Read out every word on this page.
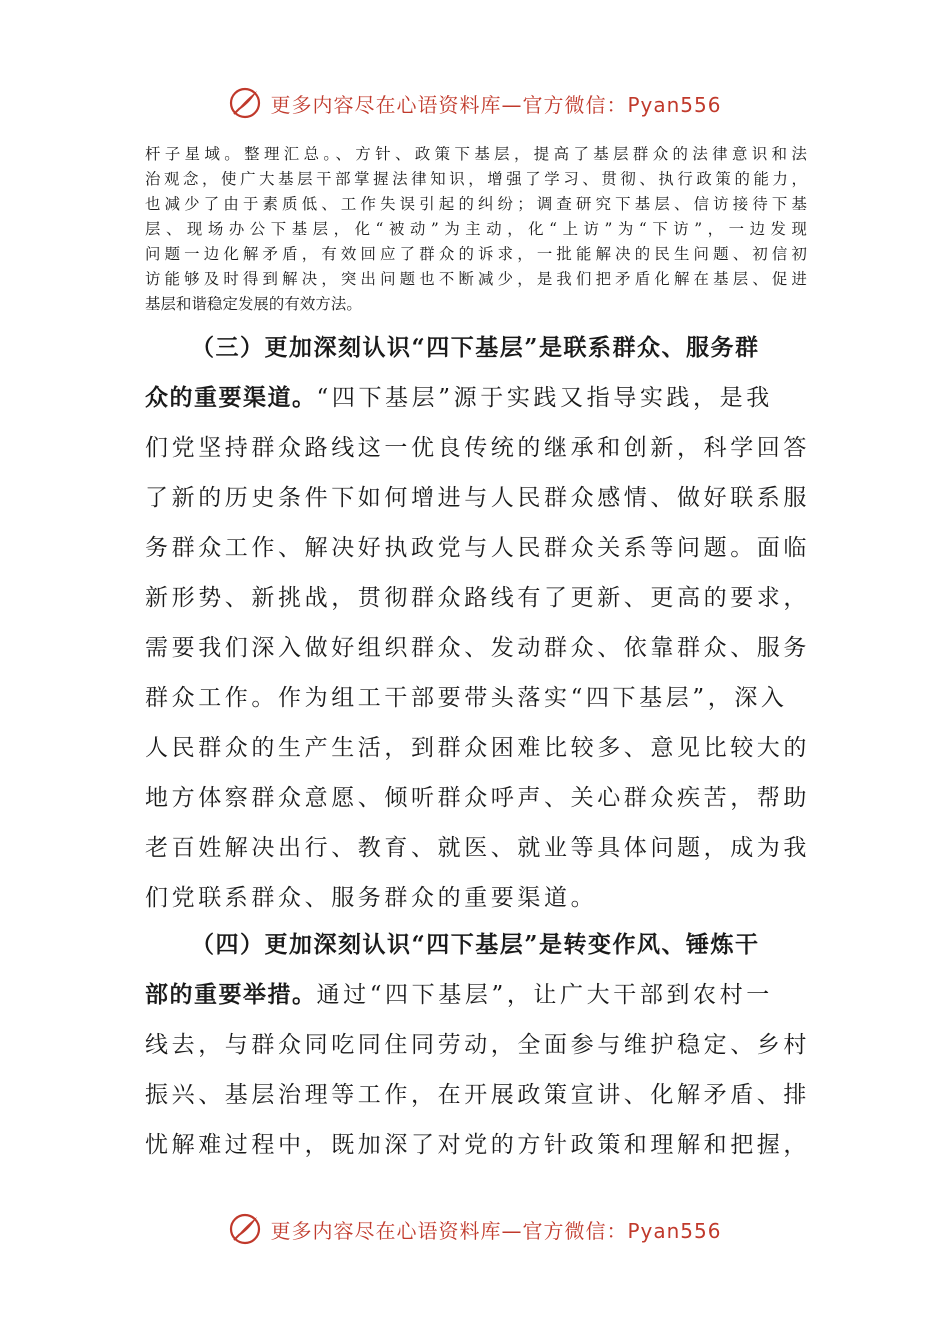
更多内容尽在心语资料库—官方微信：Pyan556

杆子星域。整理汇总。、方针、政策下基层，提高了基层群众的法律意识和法

治观念，使广大基层干部掌握法律知识，增强了学习、贯彻、执行政策的能力，

也减少了由于素质低、工作失误引起的纠纷；调查研究下基层、信访接待下基

层、现场办公下基层，化“被动”为主动，化“上访”为“下访”，一边发现

问题一边化解矛盾，有效回应了群众的诉求，一批能解决的民生问题、初信初

访能够及时得到解决，突出问题也不断减少，是我们把矛盾化解在基层、促进

基层和谐稳定发展的有效方法。

（三）更加深刻认识“四下基层”是联系群众、服务群

众的重要渠道。“四下基层”源于实践又指导实践，是我

们党坚持群众路线这一优良传统的继承和创新，科学回答

了新的历史条件下如何增进与人民群众感情、做好联系服

务群众工作、解决好执政党与人民群众关系等问题。面临

新形势、新挑战，贯彻群众路线有了更新、更高的要求，

需要我们深入做好组织群众、发动群众、依靠群众、服务

群众工作。作为组工干部要带头落实“四下基层”，深入

人民群众的生产生活，到群众困难比较多、意见比较大的

地方体察群众意愿、倾听群众呼声、关心群众疾苦，帮助

老百姓解决出行、教育、就医、就业等具体问题，成为我

们党联系群众、服务群众的重要渠道。

（四）更加深刻认识“四下基层”是转变作风、锤炼干

部的重要举措。通过“四下基层”，让广大干部到农村一

线去，与群众同吃同住同劳动，全面参与维护稳定、乡村

振兴、基层治理等工作，在开展政策宣讲、化解矛盾、排

忧解难过程中，既加深了对党的方针政策和理解和把握，

更多内容尽在心语资料库—官方微信：Pyan556
